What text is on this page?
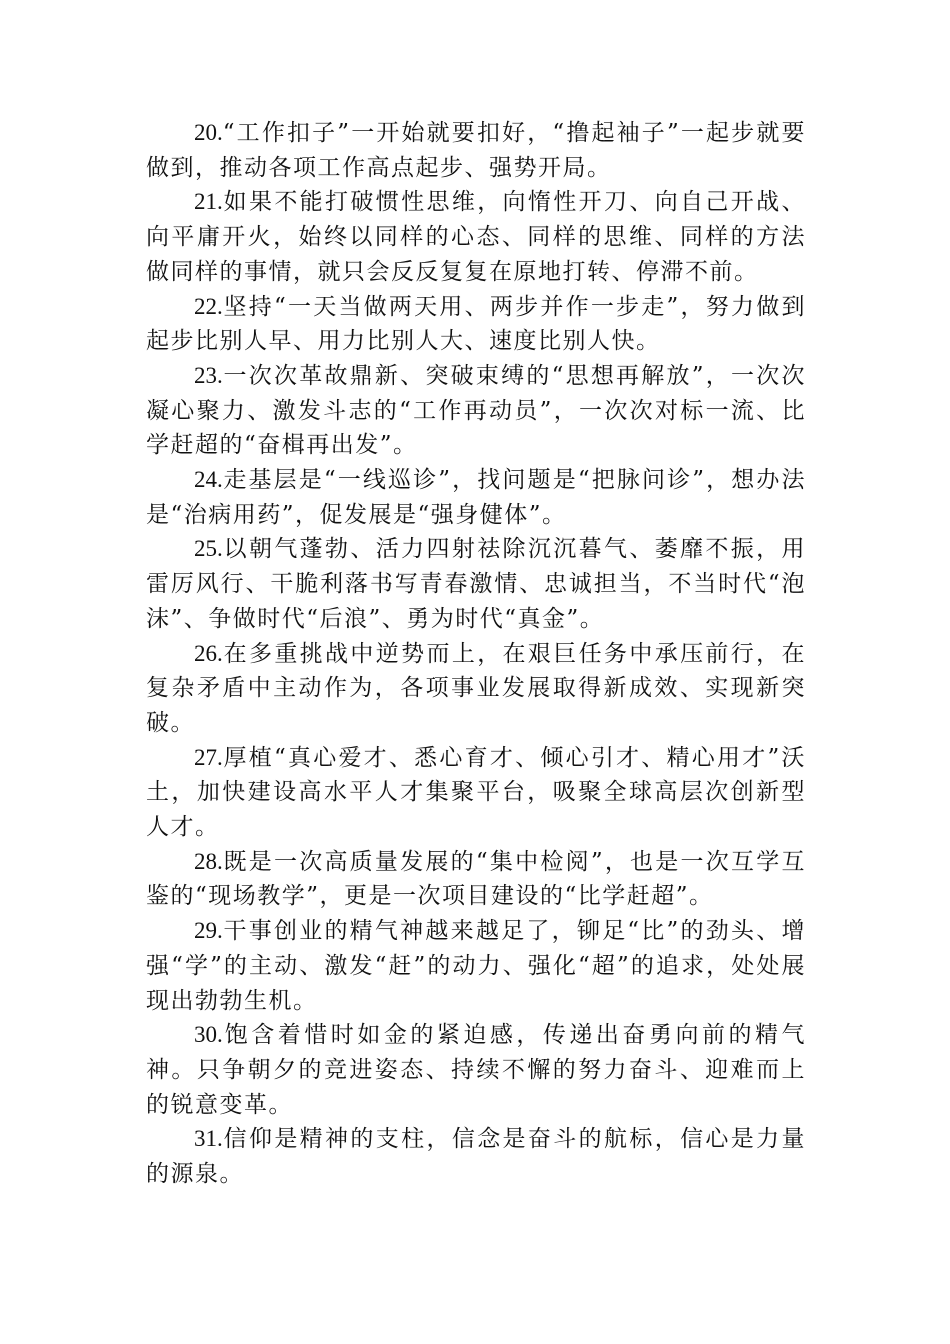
20.“工作扣子”一开始就要扣好，“撸起袖子”一起步就要做到，推动各项工作高点起步、强势开局。

21.如果不能打破惯性思维，向惰性开刀、向自己开战、向平庸开火，始终以同样的心态、同样的思维、同样的方法做同样的事情，就只会反反复复在原地打转、停滞不前。

22.坚持“一天当做两天用、两步并作一步走”，努力做到起步比别人早、用力比别人大、速度比别人快。

23.一次次革故鼎新、突破束缚的“思想再解放”，一次次凝心聚力、激发斗志的“工作再动员”，一次次对标一流、比学赶超的“奋楫再出发”。

24.走基层是“一线巡诊”，找问题是“把脉问诊”，想办法是“治病用药”，促发展是“强身健体”。

25.以朝气蓬勃、活力四射祛除沉沉暮气、萎靡不振，用雷厉风行、干脆利落书写青春激情、忠诚担当，不当时代“泡沫”、争做时代“后浪”、勇为时代“真金”。

26.在多重挑战中逆势而上，在艰巨任务中承压前行，在复杂矛盾中主动作为，各项事业发展取得新成效、实现新突破。

27.厚植“真心爱才、悉心育才、倾心引才、精心用才”沃土，加快建设高水平人才集聚平台，吸聚全球高层次创新型人才。

28.既是一次高质量发展的“集中检阅”，也是一次互学互鉴的“现场教学”，更是一次项目建设的“比学赶超”。

29.干事创业的精气神越来越足了，铆足“比”的劲头、增强“学”的主动、激发“赶”的动力、强化“超”的追求，处处展现出勃勃生机。

30.饱含着惜时如金的紧迫感，传递出奋勇向前的精气神。只争朝夕的竞进姿态、持续不懈的努力奋斗、迎难而上的锐意变革。

31.信仰是精神的支柱，信念是奋斗的航标，信心是力量的源泉。
